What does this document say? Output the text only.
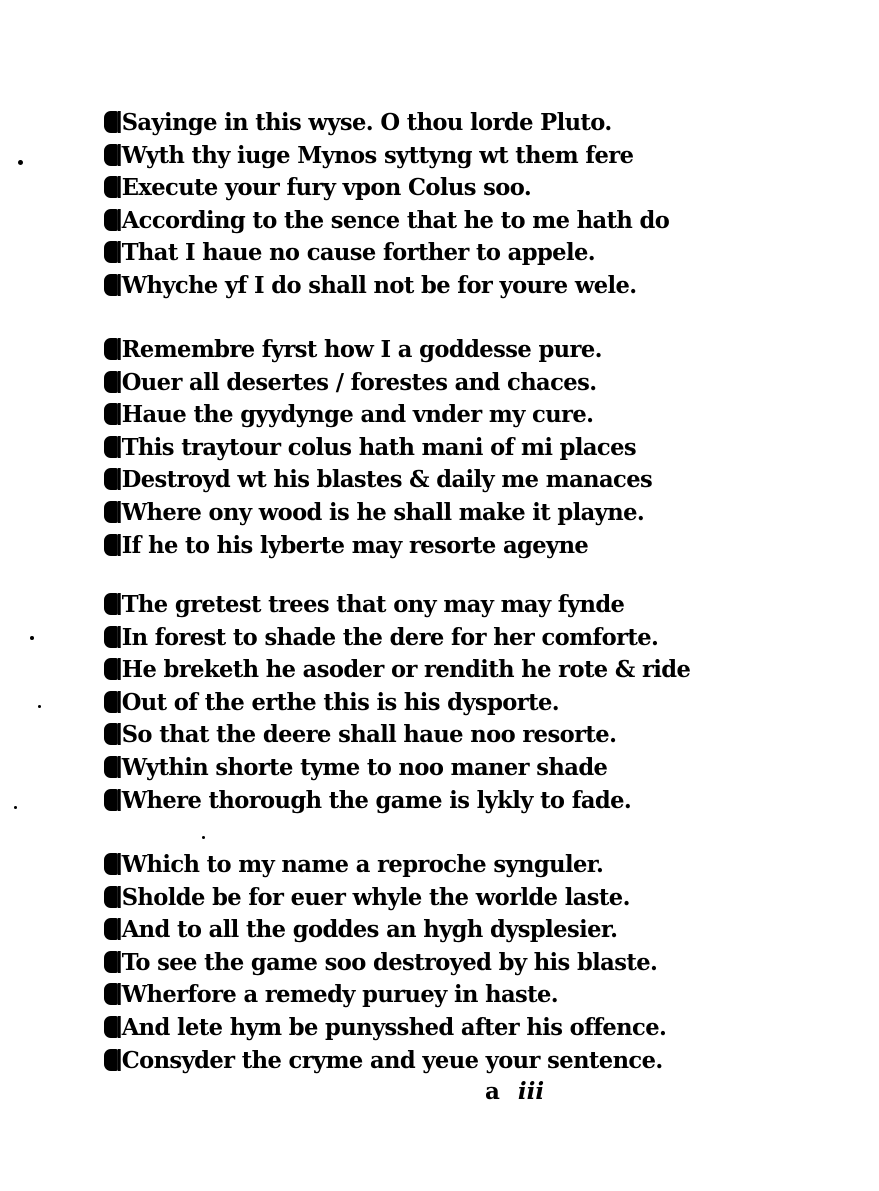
Sayinge in this wyse. O thou lorde Pluto.
Wyth thy iuge Mynos syttyng wt them fere
Execute your fury vpon Colus soo.
According to the sence that he to me hath do
That I haue no cause forther to appele.
Whyche yf I do shall not be for youre wele.
Remembre fyrst how I a goddesse pure.
Ouer all desertes / forestes and chaces.
Haue the gyydynge and vnder my cure.
This traytour colus hath mani of mi places
Destroyd wt his blastes & daily me manaces
Where ony wood is he shall make it playne.
If he to his lyberte may resorte ageyne
The gretest trees that ony may may fynde
In forest to shade the dere for her comforte.
He breketh he asoder or rendith he rote & ride
Out of the erthe this is his dysporte.
So that the deere shall haue noo resorte.
Wythin shorte tyme to noo maner shade
Where thorough the game is lykly to fade.
Which to my name a reproche synguler.
Sholde be for euer whyle the worlde laste.
And to all the goddes an hygh dysplesier.
To see the game soo destroyed by his blaste.
Wherfore a remedy puruey in haste.
And lete hym be punysshed after his offence.
Consyder the cryme and yeue your sentence.
a iii
